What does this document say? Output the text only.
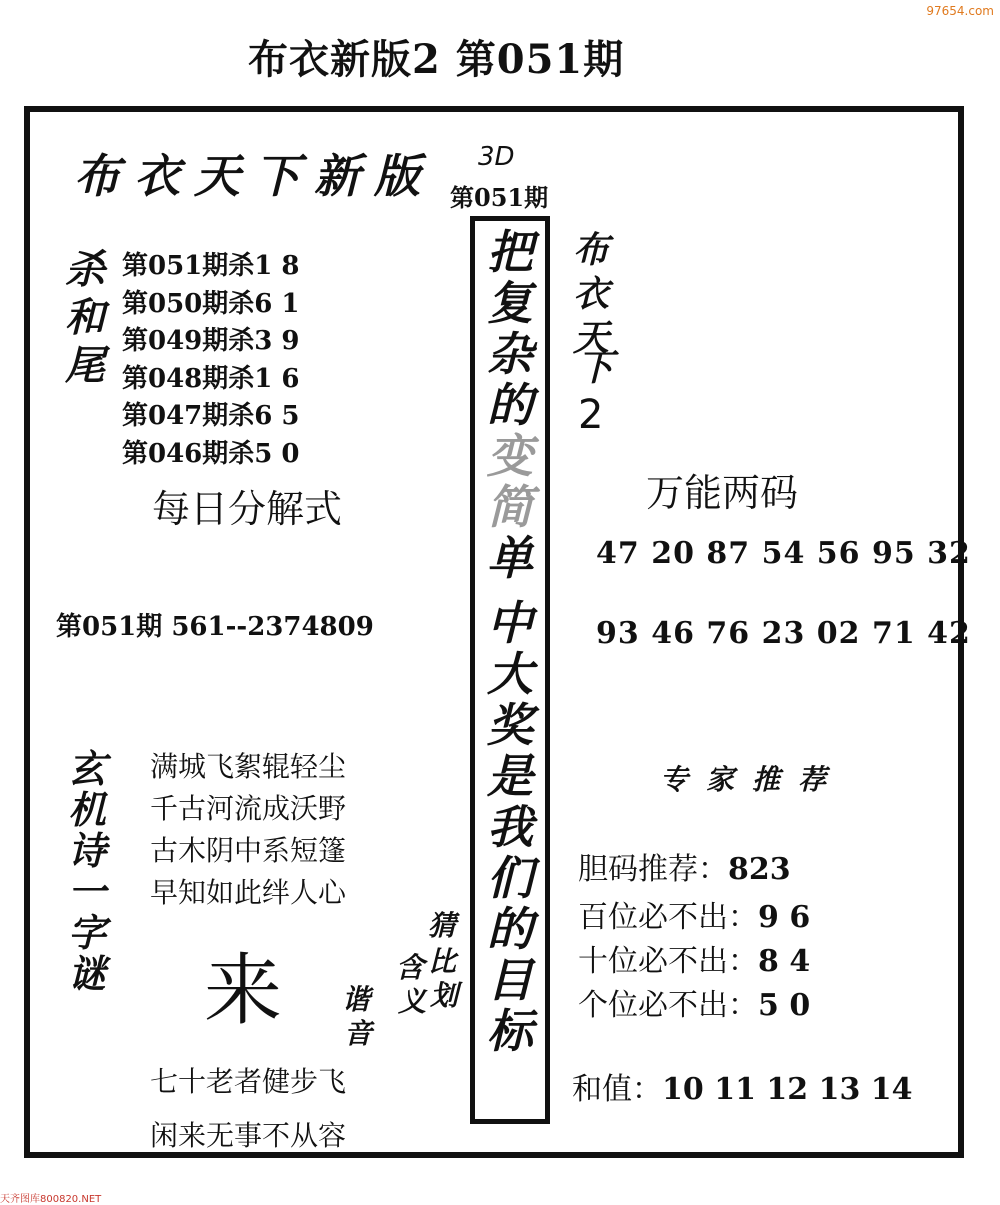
97654.com
布衣新版2 第051期
布衣天下新版 3D
第051期
杀
和
尾
第051期杀1 8
第050期杀6 1
第049期杀3 9
第048期杀1 6
第047期杀6 5
第046期杀5 0
每日分解式
第051期 561--2374809
把
复
杂
的
变
简
单
中
大
奖
是
我
们
的
目
标
布
衣
天
下
2
万能两码
47 20 87 54 56 95 32
93 46 76 23 02 71 42
专家推荐
胆码推荐：823
百位必不出：9 6
十位必不出：8 4
个位必不出：5 0
和值：10 11 12 13 14
玄
机
诗
一
字
谜
满城飞絮辊轻尘
千古河流成沃野
古木阴中系短篷
早知如此绊人心
来
猜
比
划
含
义
谐
音
七十老者健步飞
闲来无事不从容
天齐图库800820.NET
